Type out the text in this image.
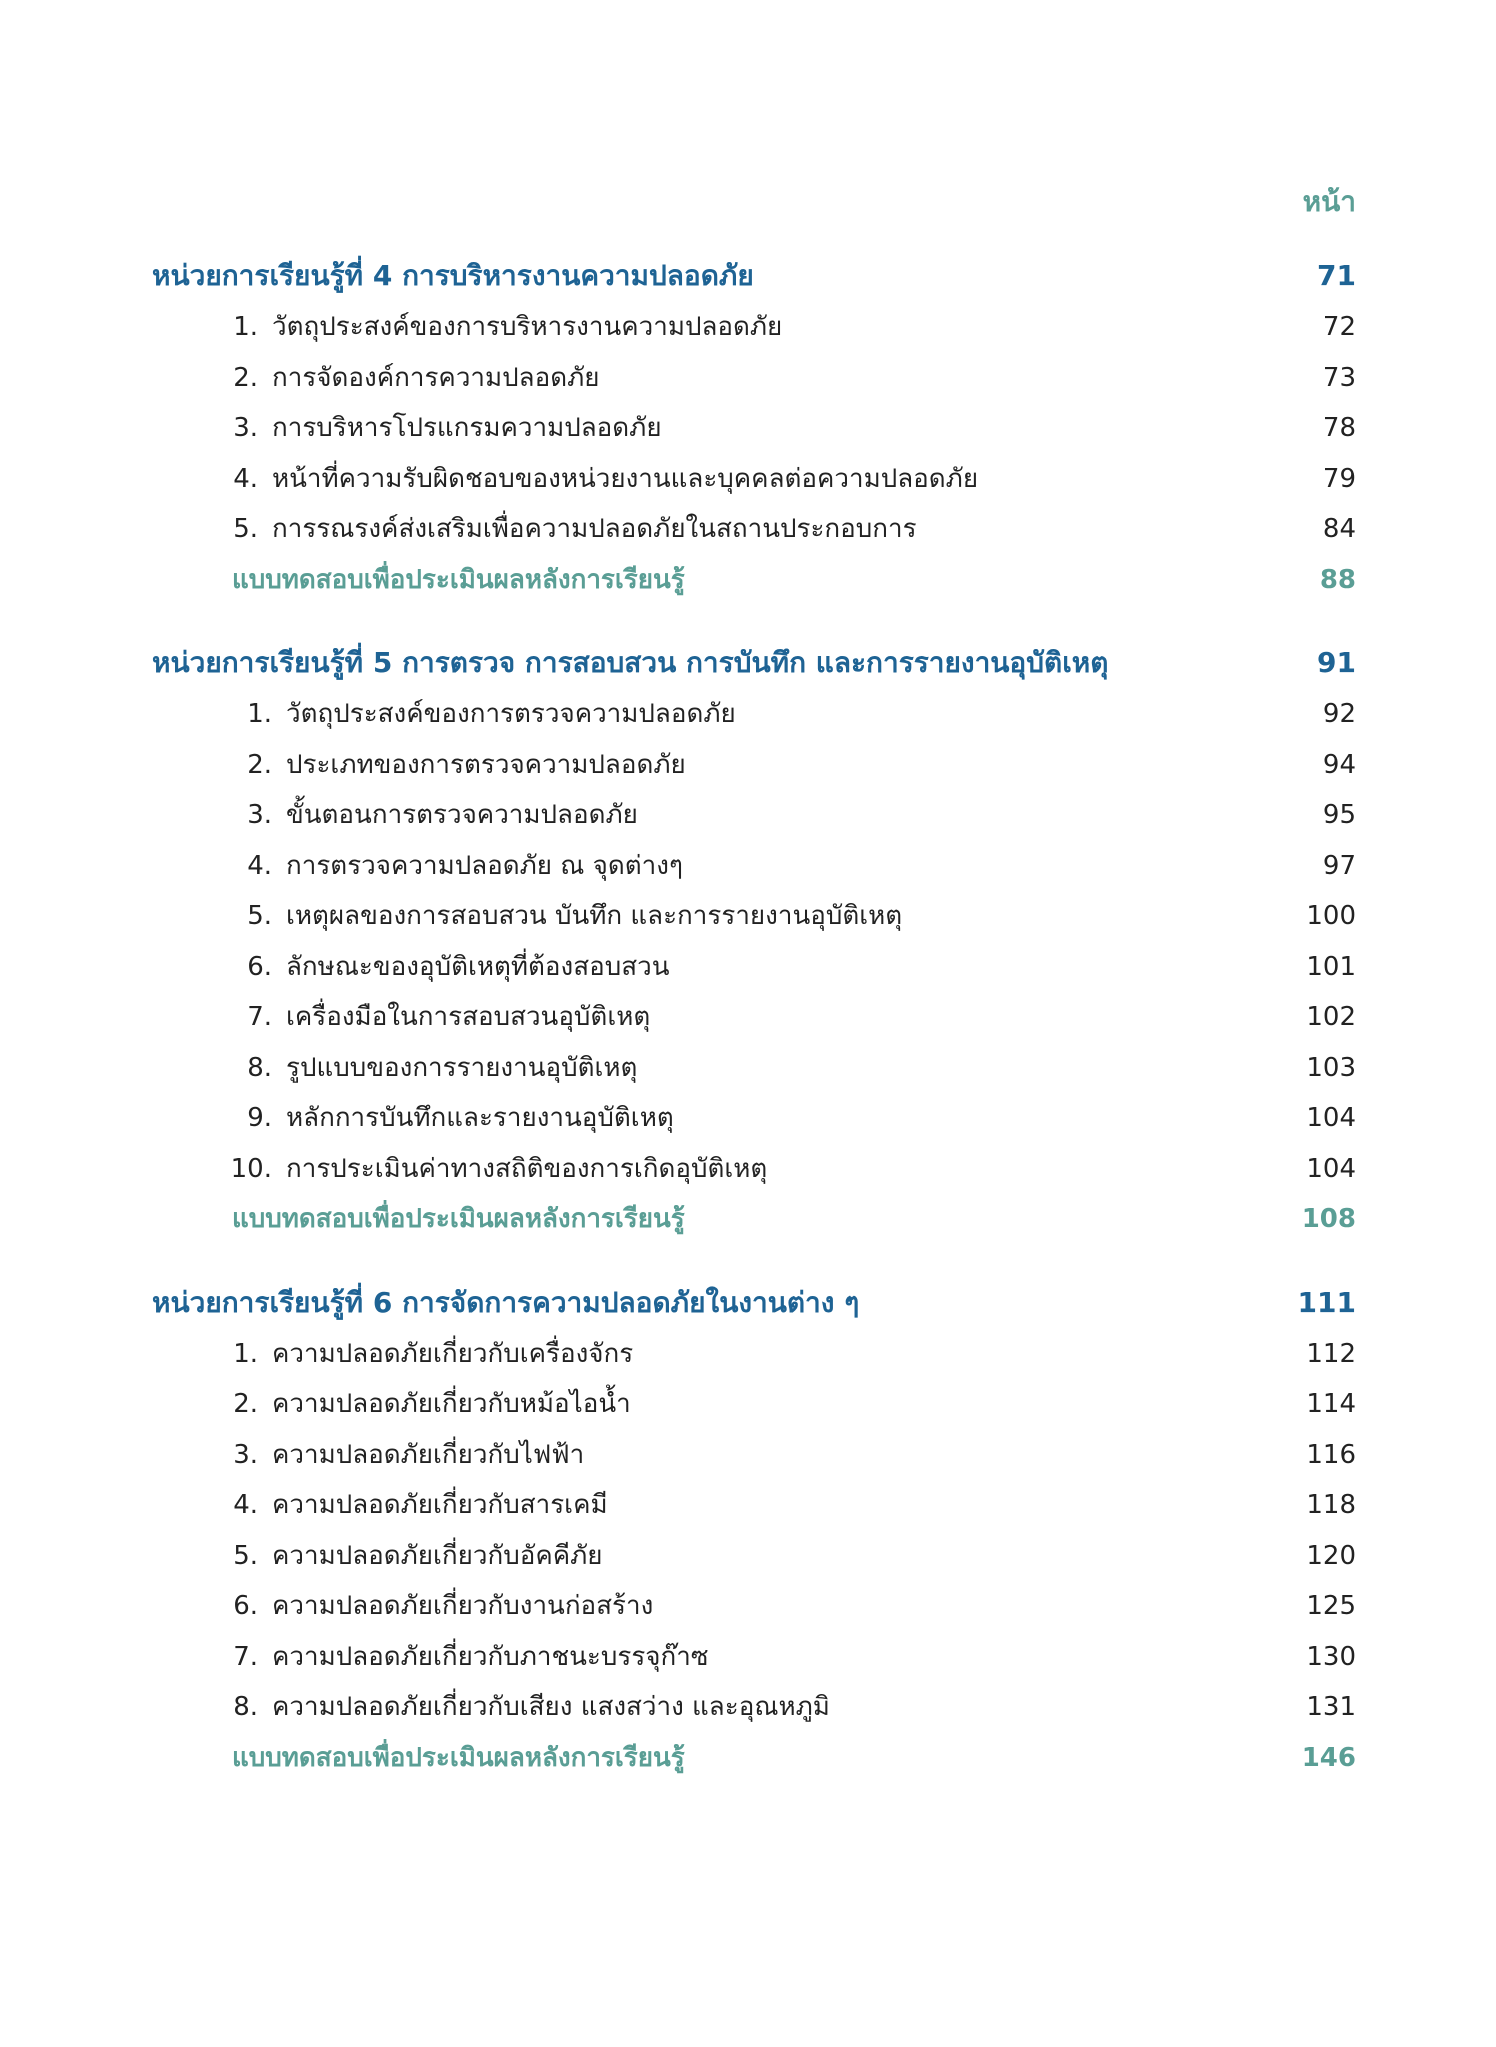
หน้า
หน่วยการเรียนรู้ที่ 4 การบริหารงานความปลอดภัย	71
1. วัตถุประสงค์ของการบริหารงานความปลอดภัย	72
2. การจัดองค์การความปลอดภัย	73
3. การบริหารโปรแกรมความปลอดภัย	78
4. หน้าที่ความรับผิดชอบของหน่วยงานและบุคคลต่อความปลอดภัย	79
5. การรณรงค์ส่งเสริมเพื่อความปลอดภัยในสถานประกอบการ	84
แบบทดสอบเพื่อประเมินผลหลังการเรียนรู้	88
หน่วยการเรียนรู้ที่ 5 การตรวจ การสอบสวน การบันทึก และการรายงานอุบัติเหตุ	91
1. วัตถุประสงค์ของการตรวจความปลอดภัย	92
2. ประเภทของการตรวจความปลอดภัย	94
3. ขั้นตอนการตรวจความปลอดภัย	95
4. การตรวจความปลอดภัย ณ จุดต่างๆ	97
5. เหตุผลของการสอบสวน บันทึก และการรายงานอุบัติเหตุ	100
6. ลักษณะของอุบัติเหตุที่ต้องสอบสวน	101
7. เครื่องมือในการสอบสวนอุบัติเหตุ	102
8. รูปแบบของการรายงานอุบัติเหตุ	103
9. หลักการบันทึกและรายงานอุบัติเหตุ	104
10. การประเมินค่าทางสถิติของการเกิดอุบัติเหตุ	104
แบบทดสอบเพื่อประเมินผลหลังการเรียนรู้	108
หน่วยการเรียนรู้ที่ 6 การจัดการความปลอดภัยในงานต่าง ๆ	111
1. ความปลอดภัยเกี่ยวกับเครื่องจักร	112
2. ความปลอดภัยเกี่ยวกับหม้อไอน้ำ	114
3. ความปลอดภัยเกี่ยวกับไฟฟ้า	116
4. ความปลอดภัยเกี่ยวกับสารเคมี	118
5. ความปลอดภัยเกี่ยวกับอัคคีภัย	120
6. ความปลอดภัยเกี่ยวกับงานก่อสร้าง	125
7. ความปลอดภัยเกี่ยวกับภาชนะบรรจุก๊าซ	130
8. ความปลอดภัยเกี่ยวกับเสียง แสงสว่าง และอุณหภูมิ	131
แบบทดสอบเพื่อประเมินผลหลังการเรียนรู้	146
